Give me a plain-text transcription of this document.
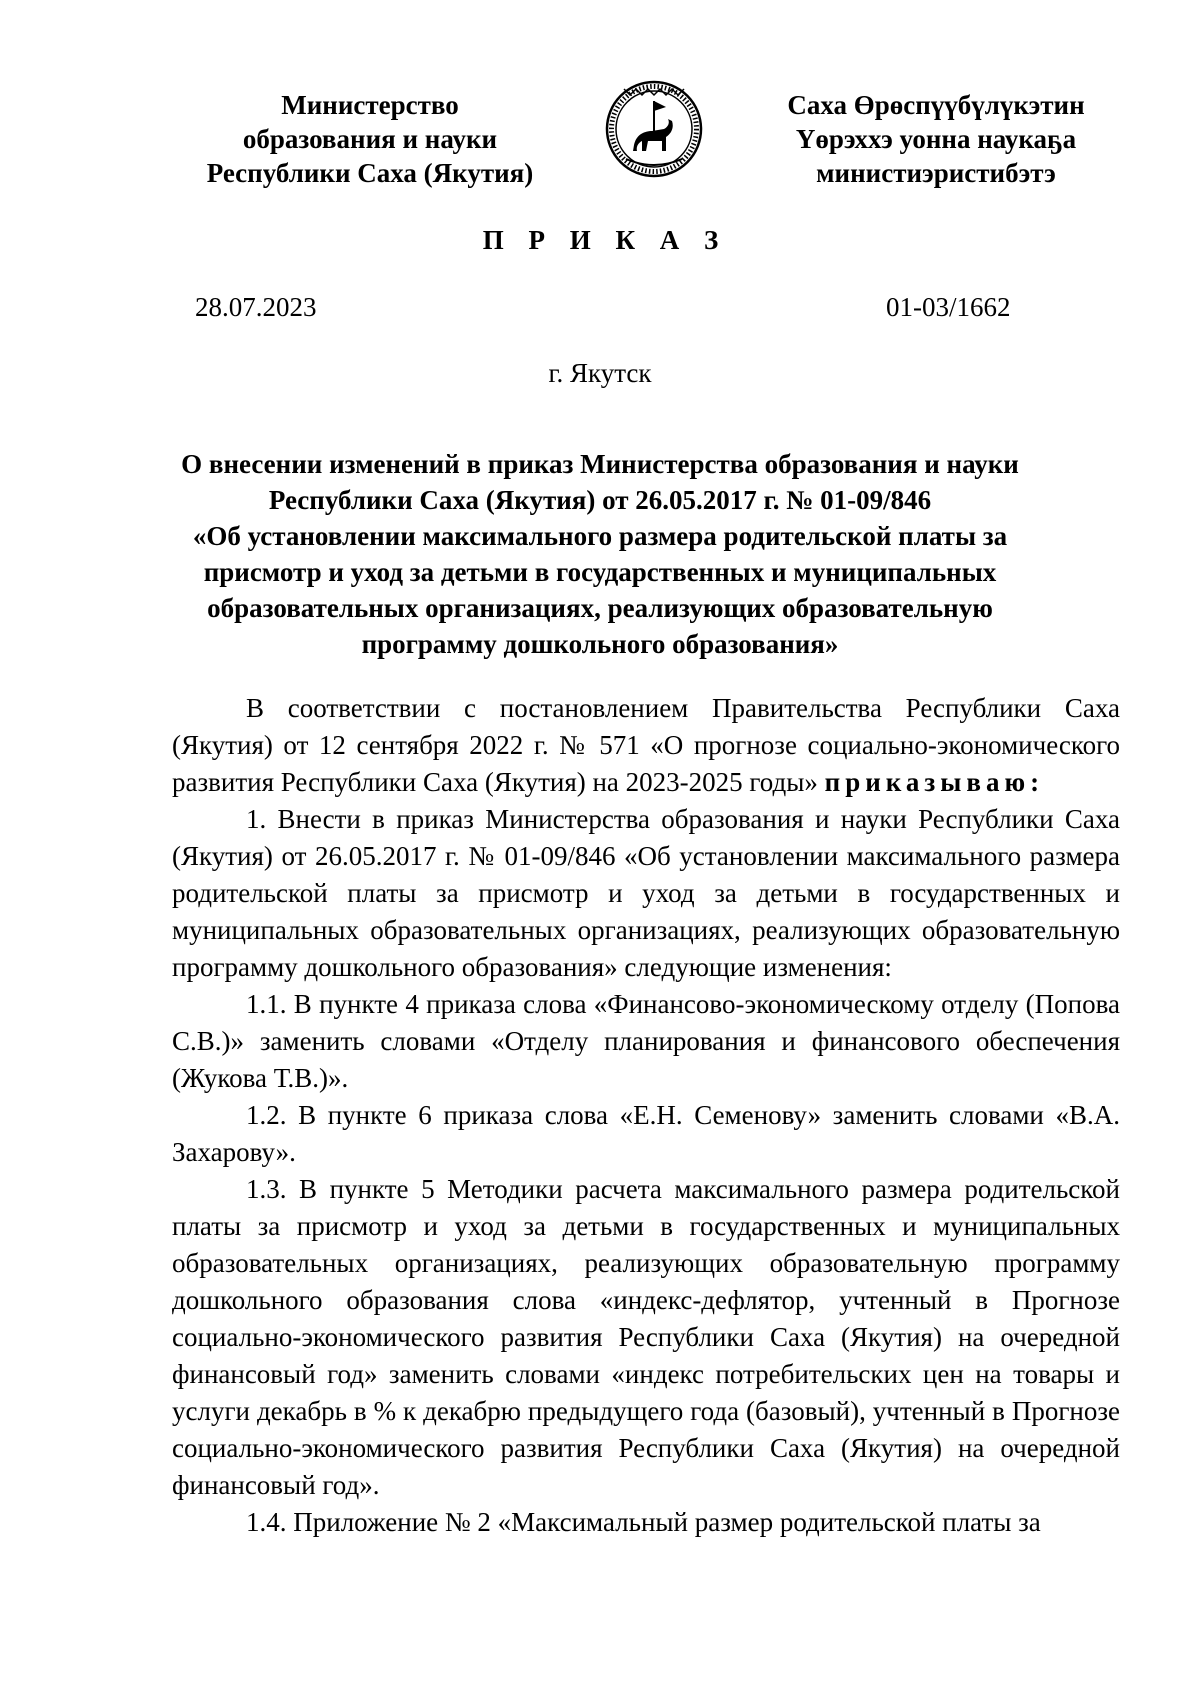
Министерство
образования и науки
Республики Саха (Якутия)
Саха Өрөспүүбүлүкэтин
Үөрэххэ уонна наукаҕа
министиэристибэтэ
П Р И К А З
28.07.2023	01-03/1662
г. Якутск
О внесении изменений в приказ Министерства образования и науки
Республики Саха (Якутия) от 26.05.2017 г. № 01-09/846
«Об установлении максимального размера родительской платы за
присмотр и уход за детьми в государственных и муниципальных
образовательных организациях, реализующих образовательную
программу дошкольного образования»

В соответствии с постановлением Правительства Республики Саха (Якутия) от 12 сентября 2022 г. № 571 «О прогнозе социально-экономического развития Республики Саха (Якутия) на 2023-2025 годы» приказываю:

1. Внести в приказ Министерства образования и науки Республики Саха (Якутия) от 26.05.2017 г. № 01-09/846 «Об установлении максимального размера родительской платы за присмотр и уход за детьми в государственных и муниципальных образовательных организациях, реализующих образовательную программу дошкольного образования» следующие изменения:

1.1. В пункте 4 приказа слова «Финансово-экономическому отделу (Попова С.В.)» заменить словами «Отделу планирования и финансового обеспечения (Жукова Т.В.)».

1.2. В пункте 6 приказа слова «Е.Н. Семенову» заменить словами «В.А. Захарову».

1.3. В пункте 5 Методики расчета максимального размера родительской платы за присмотр и уход за детьми в государственных и муниципальных образовательных организациях, реализующих образовательную программу дошкольного образования слова «индекс-дефлятор, учтенный в Прогнозе социально-экономического развития Республики Саха (Якутия) на очередной финансовый год» заменить словами «индекс потребительских цен на товары и услуги декабрь в % к декабрю предыдущего года (базовый), учтенный в Прогнозе социально-экономического развития Республики Саха (Якутия) на очередной финансовый год».

1.4. Приложение № 2 «Максимальный размер родительской платы за
